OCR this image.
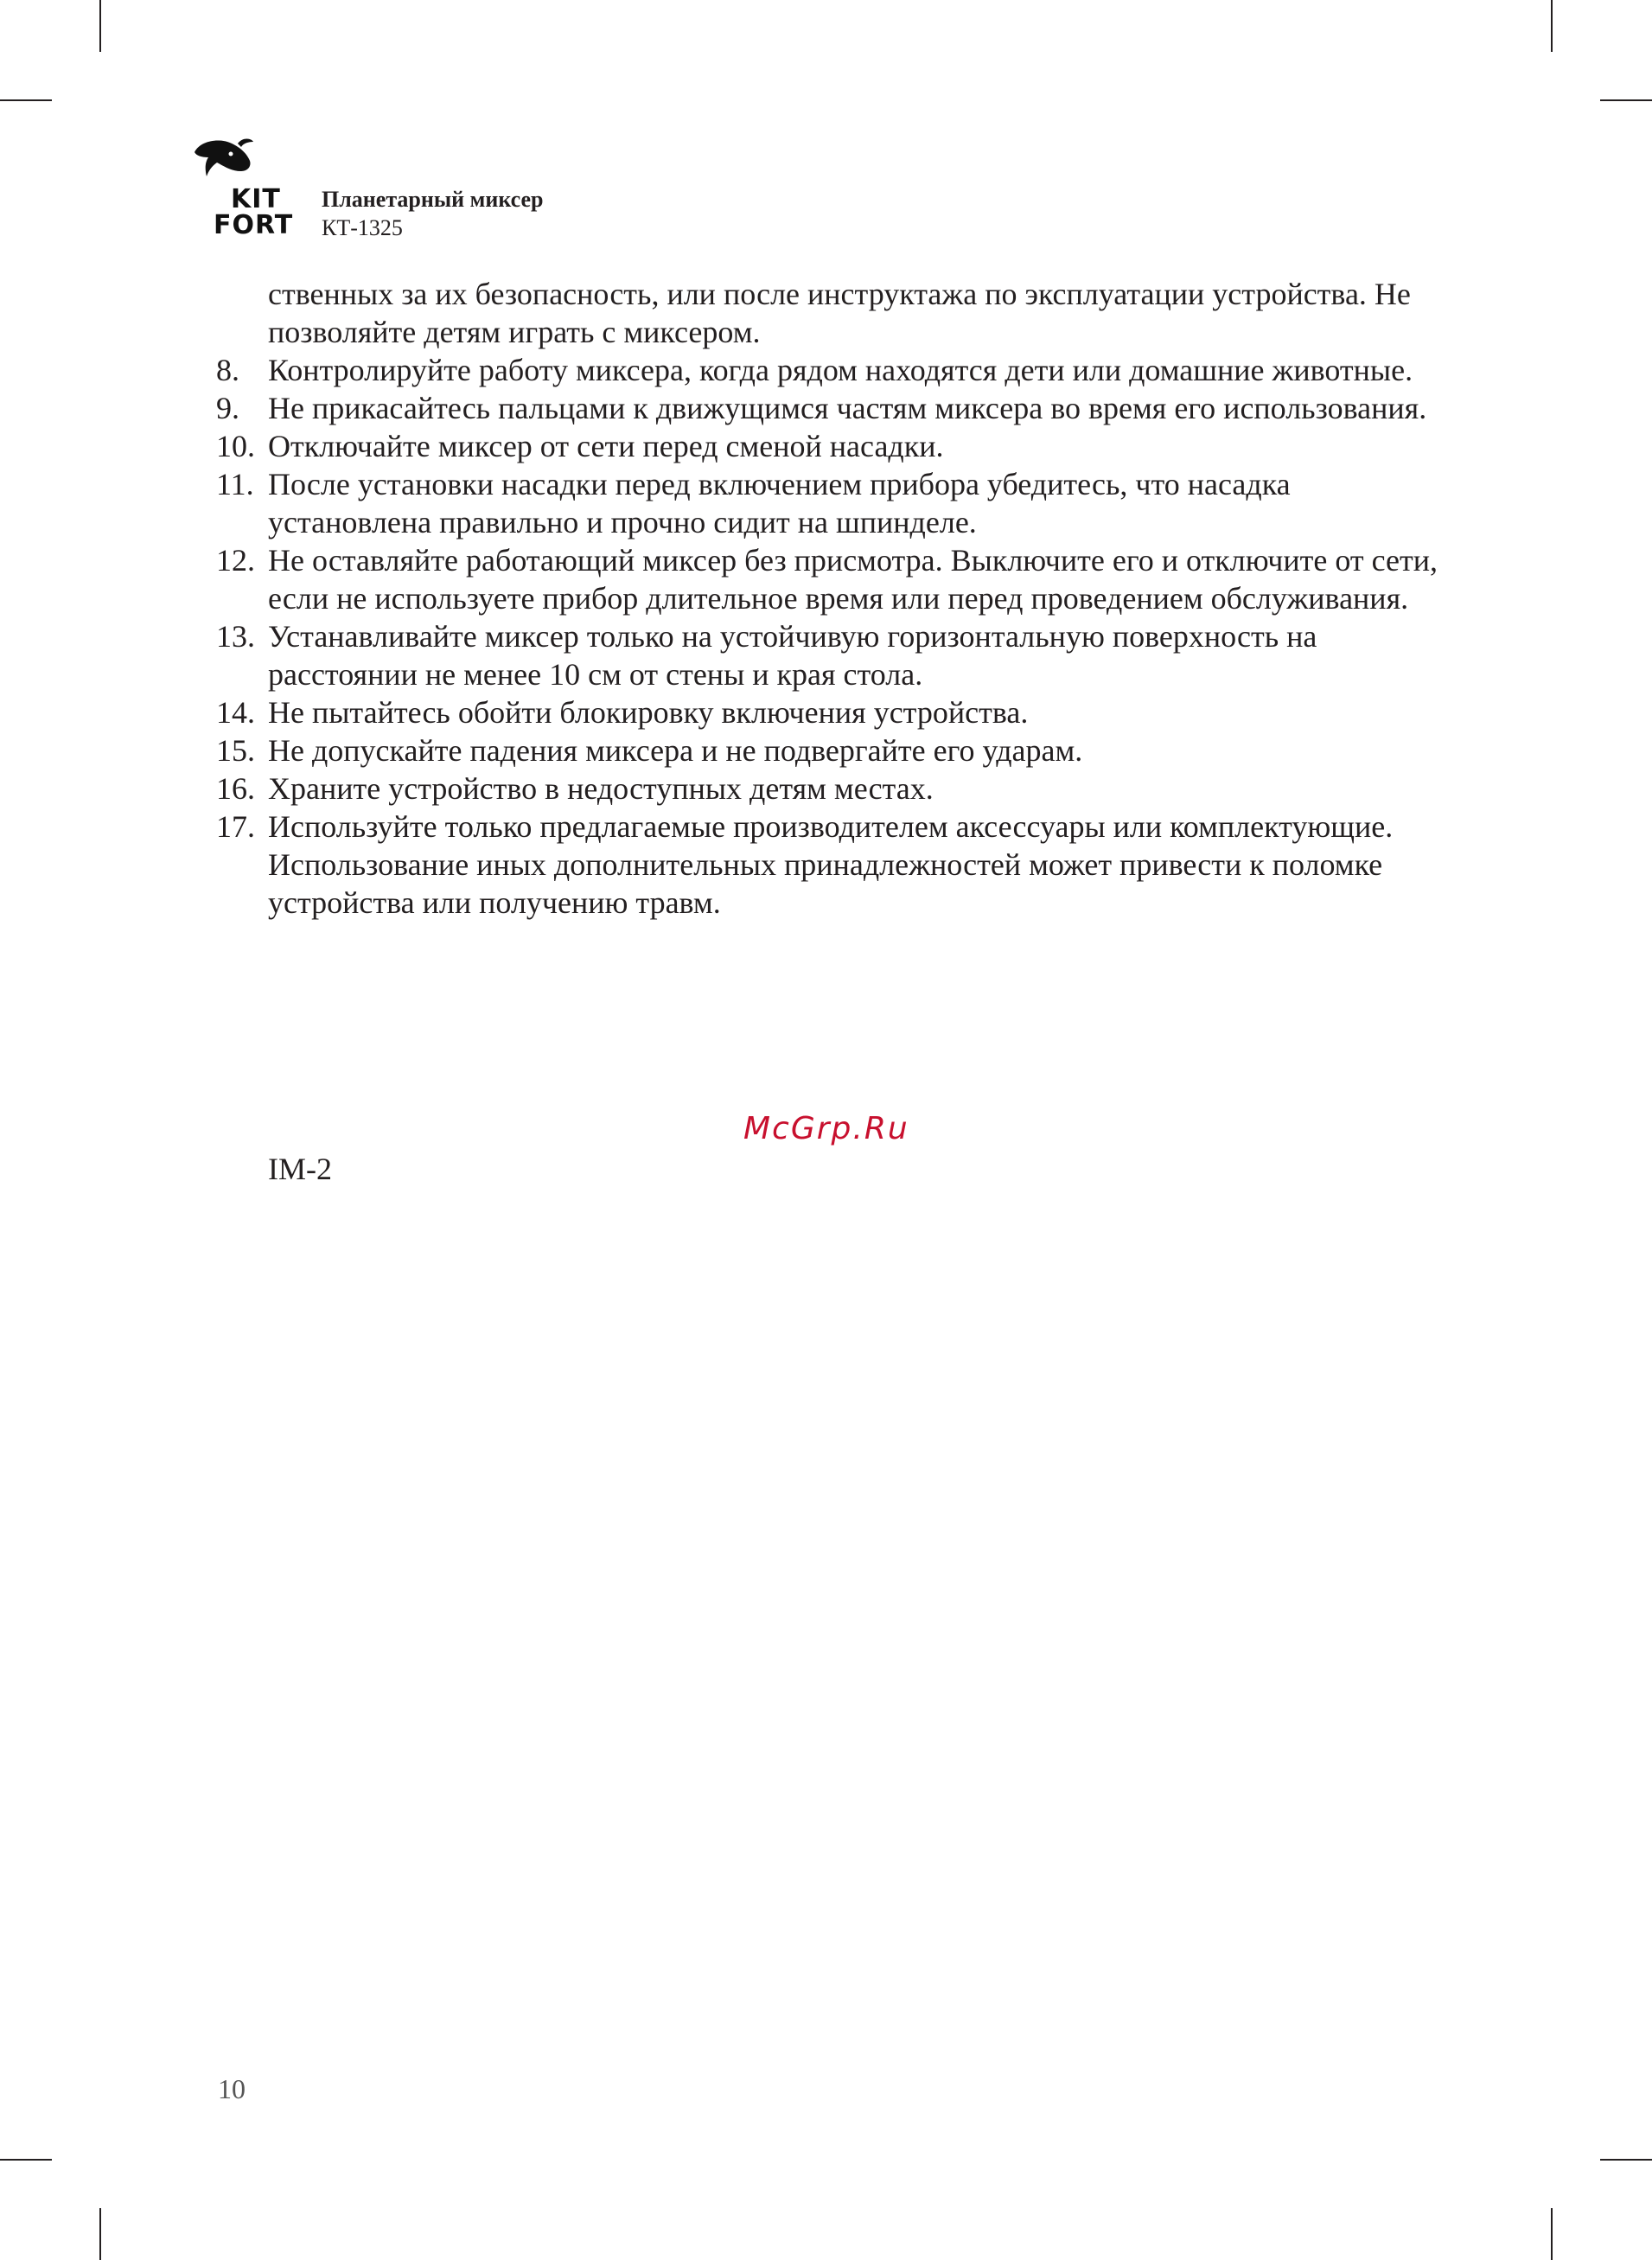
KIT
FORT
Планетарный миксер
КТ-1325

ственных за их безопасность, или после инструктажа по эксплуатации устройства. Не позволяйте детям играть с миксером.

8. Контролируйте работу миксера, когда рядом находятся дети или домашние животные.
9. Не прикасайтесь пальцами к движущимся частям миксера во время его использования.
10. Отключайте миксер от сети перед сменой насадки.
11. После установки насадки перед включением прибора убедитесь, что насадка установлена правильно и прочно сидит на шпинделе.
12. Не оставляйте работающий миксер без присмотра. Выключите его и отключите от сети, если не используете прибор длительное время или перед проведением обслуживания.
13. Устанавливайте миксер только на устойчивую горизонтальную поверхность на расстоянии не менее 10 см от стены и края стола.
14. Не пытайтесь обойти блокировку включения устройства.
15. Не допускайте падения миксера и не подвергайте его ударам.
16. Храните устройство в недоступных детям местах.
17. Используйте только предлагаемые производителем аксессуары или комплектующие. Использование иных дополнительных принадлежностей может привести к поломке устройства или получению травм.
McGrp.Ru
IM-2
10
